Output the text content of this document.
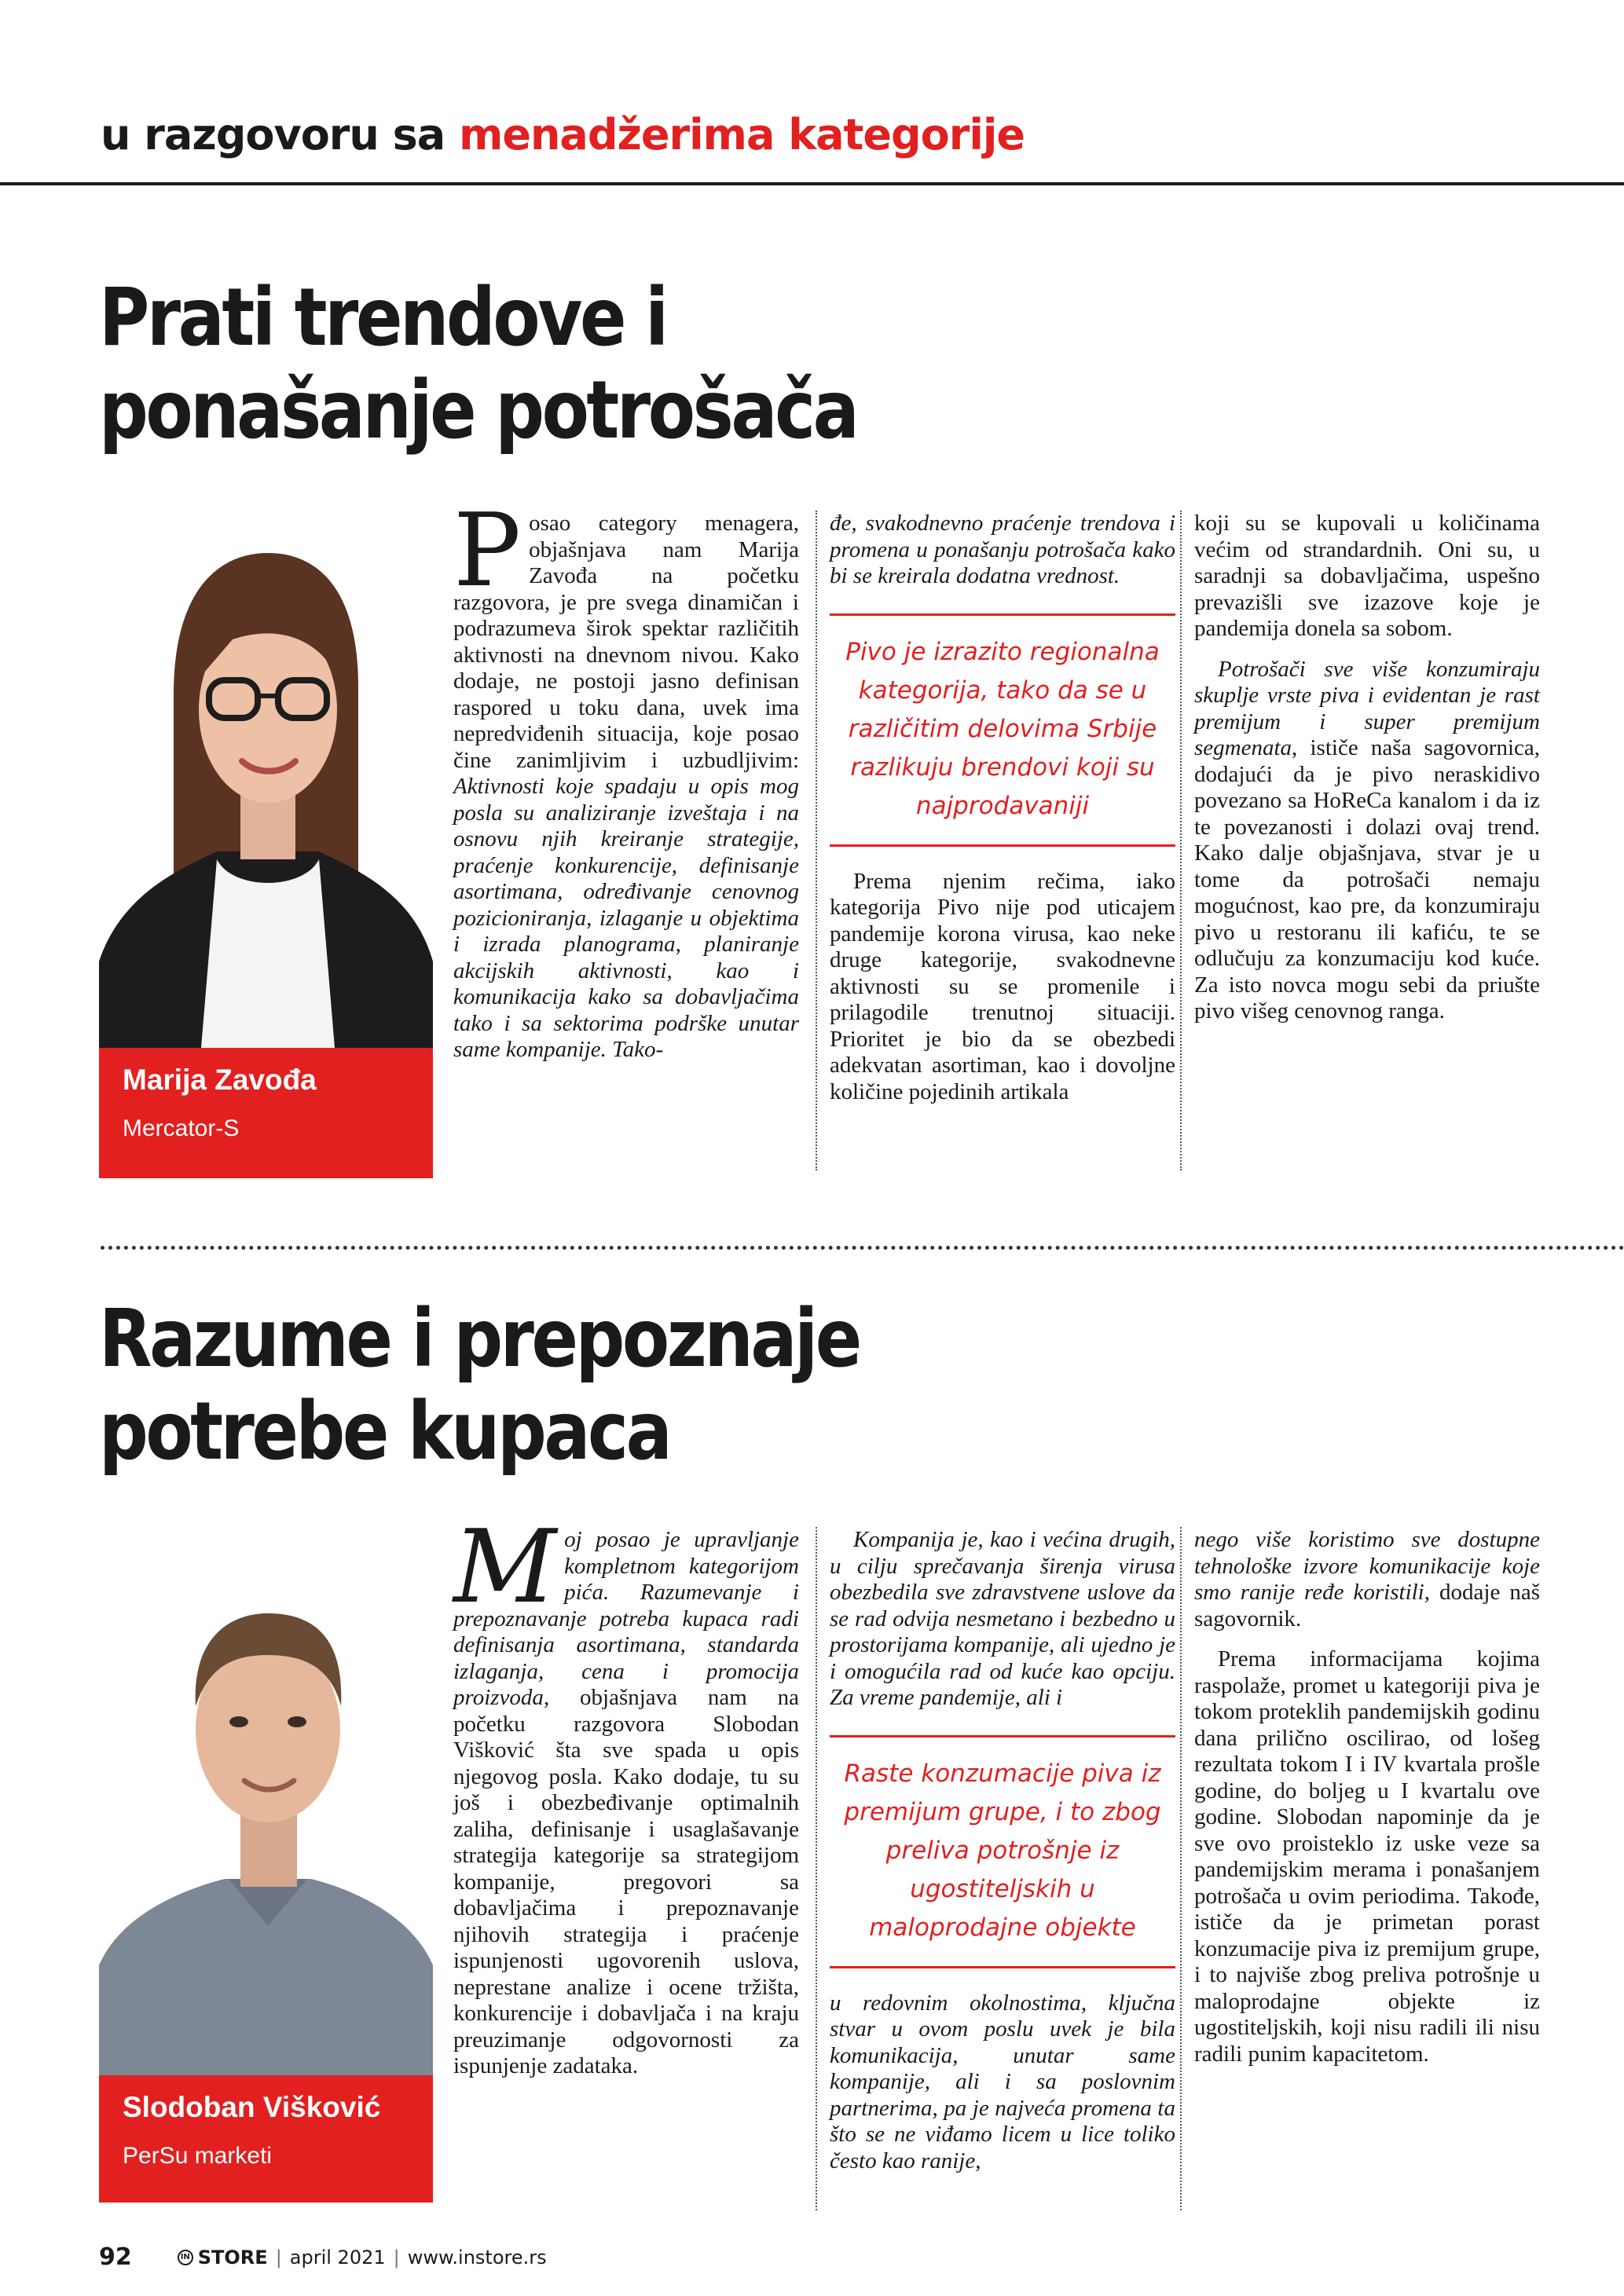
u razgovoru sa menadžerima kategorije
Prati trendove i
ponašanje potrošača
Marija Zavođa
Mercator-S

Posao category menagera, objašnjava nam Marija Zavođa na početku razgovora, je pre svega dinamičan i podrazumeva širok spektar različitih aktivnosti na dnevnom nivou. Kako dodaje, ne postoji jasno definisan raspored u toku dana, uvek ima nepredviđenih situacija, koje posao čine zanimljivim i uzbudljivim: Aktivnosti koje spadaju u opis mog posla su analiziranje izveštaja i na osnovu njih kreiranje strategije, praćenje konkurencije, definisanje asortimana, određivanje cenovnog pozicioniranja, izlaganje u objektima i izrada planograma, planiranje akcijskih aktivnosti, kao i komunikacija kako sa dobavljačima tako i sa sektorima podrške unutar same kompanije. Tako-

đe, svakodnevno praćenje trendova i promena u ponašanju potrošača kako bi se kreirala dodatna vrednost.

Pivo je izrazito regionalna kategorija, tako da se u različitim delovima Srbije razlikuju brendovi koji su najprodavaniji

Prema njenim rečima, iako kategorija Pivo nije pod uticajem pandemije korona virusa, kao neke druge kategorije, svakodnevne aktivnosti su se promenile i prilagodile trenutnoj situaciji. Prioritet je bio da se obezbedi adekvatan asortiman, kao i dovoljne količine pojedinih artikala

koji su se kupovali u količinama većim od strandardnih. Oni su, u saradnji sa dobavljačima, uspešno prevazišli sve izazove koje je pandemija donela sa sobom.

Potrošači sve više konzumiraju skuplje vrste piva i evidentan je rast premijum i super premijum segmenata, ističe naša sagovornica, dodajući da je pivo neraskidivo povezano sa HoReCa kanalom i da iz te povezanosti i dolazi ovaj trend. Kako dalje objašnjava, stvar je u tome da potrošači nemaju mogućnost, kao pre, da konzumiraju pivo u restoranu ili kafiću, te se odlučuju za konzumaciju kod kuće. Za isto novca mogu sebi da priušte pivo višeg cenovnog ranga.

Razume i prepoznaje
potrebe kupaca
Slodoban Višković
PerSu marketi

Moj posao je upravljanje kompletnom kategorijom pića. Razumevanje i prepoznavanje potreba kupaca radi definisanja asortimana, standarda izlaganja, cena i promocija proizvoda, objašnjava nam na početku razgovora Slobodan Višković šta sve spada u opis njegovog posla. Kako dodaje, tu su još i obezbeđivanje optimalnih zaliha, definisanje i usaglašavanje strategija kategorije sa strategijom kompanije, pregovori sa dobavljačima i prepoznavanje njihovih strategija i praćenje ispunjenosti ugovorenih uslova, neprestane analize i ocene tržišta, konkurencije i dobavljača i na kraju preuzimanje odgovornosti za ispunjenje zadataka.

Kompanija je, kao i većina drugih, u cilju sprečavanja širenja virusa obezbedila sve zdravstvene uslove da se rad odvija nesmetano i bezbedno u prostorijama kompanije, ali ujedno je i omogućila rad od kuće kao opciju. Za vreme pandemije, ali i

Raste konzumacije piva iz premijum grupe, i to zbog preliva potrošnje iz ugostiteljskih u maloprodajne objekte

u redovnim okolnostima, ključna stvar u ovom poslu uvek je bila komunikacija, unutar same kompanije, ali i sa poslovnim partnerima, pa je najveća promena ta što se ne viđamo licem u lice toliko često kao ranije,

nego više koristimo sve dostupne tehnološke izvore komunikacije koje smo ranije ređe koristili, dodaje naš sagovornik.

Prema informacijama kojima raspolaže, promet u kategoriji piva je tokom proteklih pandemijskih godinu dana prilično oscilirao, od lošeg rezultata tokom I i IV kvartala prošle godine, do boljeg u I kvartalu ove godine. Slobodan napominje da je sve ovo proisteklo iz uske veze sa pandemijskim merama i ponašanjem potrošača u ovim periodima. Takođe, ističe da je primetan porast konzumacije piva iz premijum grupe, i to najviše zbog preliva potrošnje u maloprodajne objekte iz ugostiteljskih, koji nisu radili ili nisu radili punim kapacitetom.

92	IN STORE | april 2021 | www.instore.rs
